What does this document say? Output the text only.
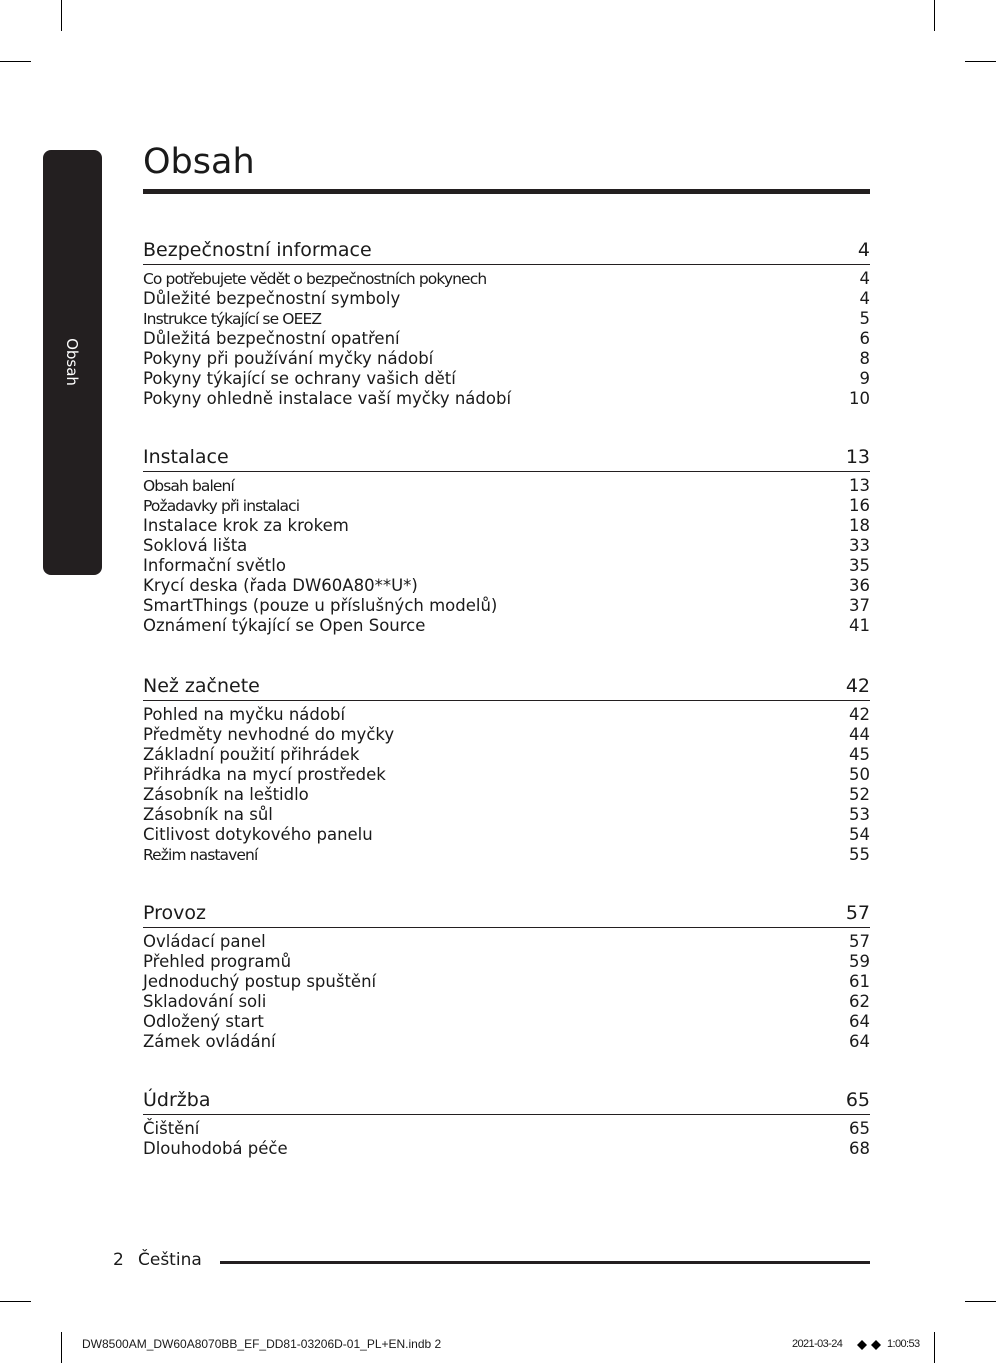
Obsah
Obsah
Bezpečnostní informace	4
Co potřebujete vědět o bezpečnostních pokynech	4
Důležité bezpečnostní symboly	4
Instrukce týkající se OEEZ	5
Důležitá bezpečnostní opatření	6
Pokyny při používání myčky nádobí	8
Pokyny týkající se ochrany vašich dětí	9
Pokyny ohledně instalace vaší myčky nádobí	10
Instalace	13
Obsah balení	13
Požadavky při instalaci	16
Instalace krok za krokem	18
Soklová lišta	33
Informační světlo	35
Krycí deska (řada DW60A80**U*)	36
SmartThings (pouze u příslušných modelů)	37
Oznámení týkající se Open Source	41
Než začnete	42
Pohled na myčku nádobí	42
Předměty nevhodné do myčky	44
Základní použití přihrádek	45
Přihrádka na mycí prostředek	50
Zásobník na leštidlo	52
Zásobník na sůl	53
Citlivost dotykového panelu	54
Režim nastavení	55
Provoz	57
Ovládací panel	57
Přehled programů	59
Jednoduchý postup spuštění	61
Skladování soli	62
Odložený start	64
Zámek ovládání	64
Údržba	65
Čištění	65
Dlouhodobá péče	68
2 Čeština
DW8500AM_DW60A8070BB_EF_DD81-03206D-01_PL+EN.indb 2	2021-03-24	1:00:53
